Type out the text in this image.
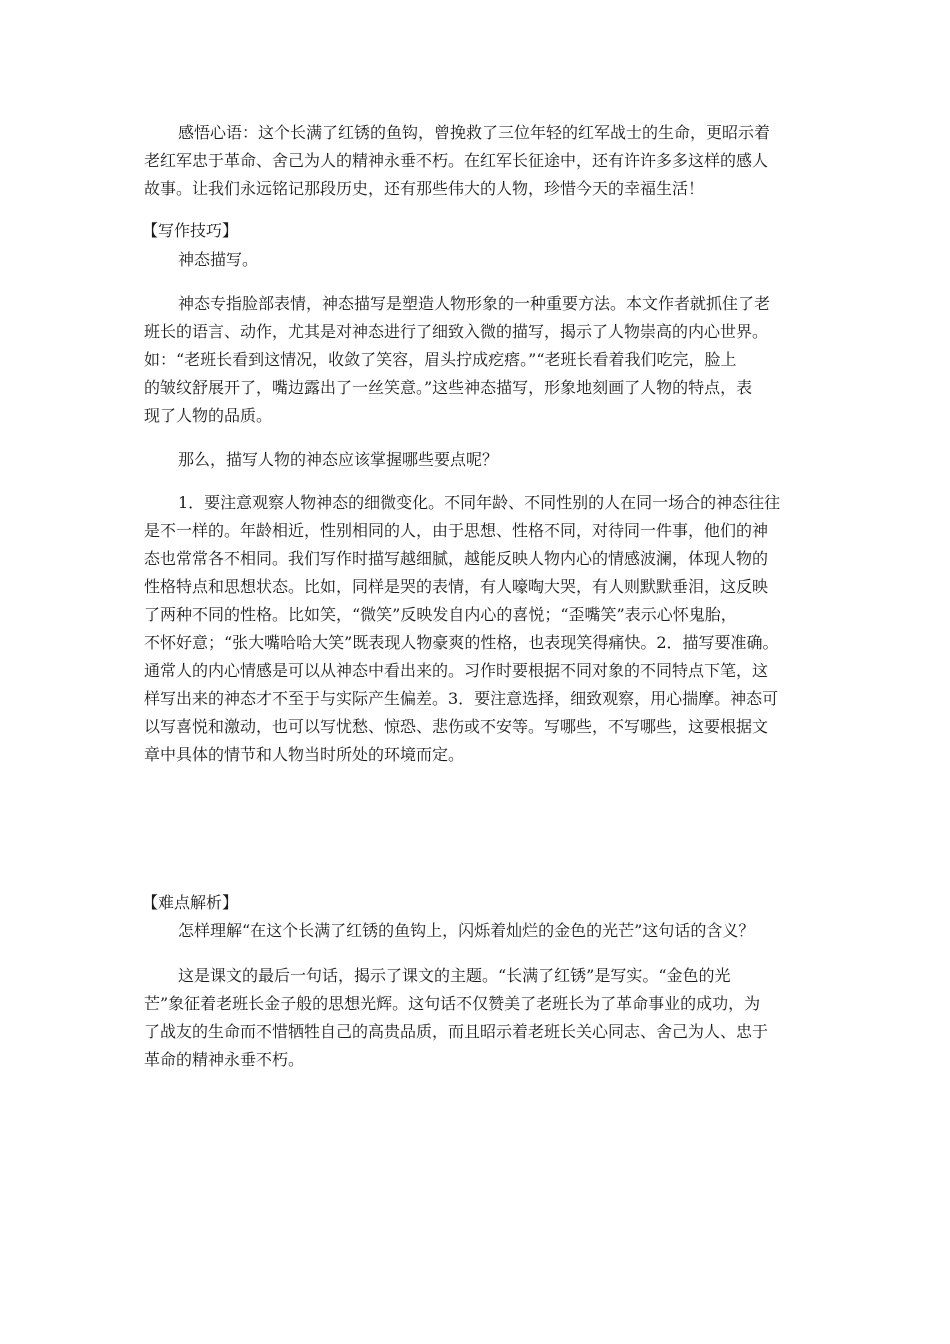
感悟心语：这个长满了红锈的鱼钩，曾挽救了三位年轻的红军战士的生命，更昭示着
老红军忠于革命、舍己为人的精神永垂不朽。在红军长征途中，还有许许多多这样的感人
故事。让我们永远铭记那段历史，还有那些伟大的人物，珍惜今天的幸福生活！
【写作技巧】
神态描写。
神态专指脸部表情，神态描写是塑造人物形象的一种重要方法。本文作者就抓住了老
班长的语言、动作，尤其是对神态进行了细致入微的描写，揭示了人物崇高的内心世界。
如：“老班长看到这情况，收敛了笑容，眉头拧成疙瘩。”“老班长看着我们吃完，脸上
的皱纹舒展开了，嘴边露出了一丝笑意。”这些神态描写，形象地刻画了人物的特点，表
现了人物的品质。
那么，描写人物的神态应该掌握哪些要点呢？
1．要注意观察人物神态的细微变化。不同年龄、不同性别的人在同一场合的神态往往
是不一样的。年龄相近，性别相同的人，由于思想、性格不同，对待同一件事，他们的神
态也常常各不相同。我们写作时描写越细腻，越能反映人物内心的情感波澜，体现人物的
性格特点和思想状态。比如，同样是哭的表情，有人嚎啕大哭，有人则默默垂泪，这反映
了两种不同的性格。比如笑，“微笑”反映发自内心的喜悦；“歪嘴笑”表示心怀鬼胎，
不怀好意；“张大嘴哈哈大笑”既表现人物豪爽的性格，也表现笑得痛快。2．描写要准确。
通常人的内心情感是可以从神态中看出来的。习作时要根据不同对象的不同特点下笔，这
样写出来的神态才不至于与实际产生偏差。3．要注意选择，细致观察，用心揣摩。神态可
以写喜悦和激动，也可以写忧愁、惊恐、悲伤或不安等。写哪些，不写哪些，这要根据文
章中具体的情节和人物当时所处的环境而定。
【难点解析】
怎样理解“在这个长满了红锈的鱼钩上，闪烁着灿烂的金色的光芒”这句话的含义？
这是课文的最后一句话，揭示了课文的主题。“长满了红锈”是写实。“金色的光
芒”象征着老班长金子般的思想光辉。这句话不仅赞美了老班长为了革命事业的成功，为
了战友的生命而不惜牺牲自己的高贵品质，而且昭示着老班长关心同志、舍己为人、忠于
革命的精神永垂不朽。
